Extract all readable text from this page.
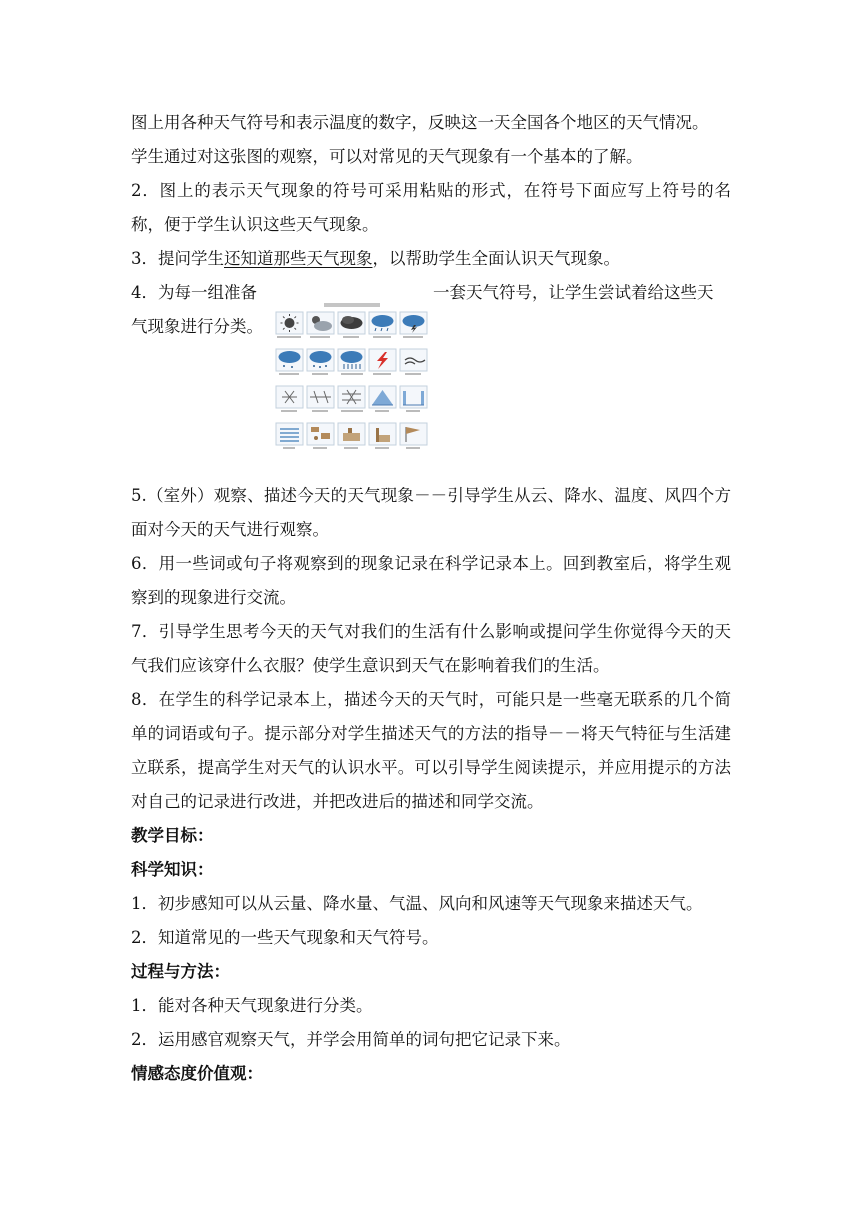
图上用各种天气符号和表示温度的数字，反映这一天全国各个地区的天气情况。
学生通过对这张图的观察，可以对常见的天气现象有一个基本的了解。

2．图上的表示天气现象的符号可采用粘贴的形式，在符号下面应写上符号的名称，便于学生认识这些天气现象。

3．提问学生还知道那些天气现象，以帮助学生全面认识天气现象。

4．为每一组准备	一套天气符号，让学生尝试着给这些天
气现象进行分类。

5.（室外）观察、描述今天的天气现象－－引导学生从云、降水、温度、风四个方面对今天的天气进行观察。

6．用一些词或句子将观察到的现象记录在科学记录本上。回到教室后，将学生观察到的现象进行交流。

7．引导学生思考今天的天气对我们的生活有什么影响或提问学生你觉得今天的天气我们应该穿什么衣服？使学生意识到天气在影响着我们的生活。

8．在学生的科学记录本上，描述今天的天气时，可能只是一些毫无联系的几个简单的词语或句子。提示部分对学生描述天气的方法的指导－－将天气特征与生活建立联系，提高学生对天气的认识水平。可以引导学生阅读提示，并应用提示的方法对自己的记录进行改进，并把改进后的描述和同学交流。

教学目标：

科学知识：

1．初步感知可以从云量、降水量、气温、风向和风速等天气现象来描述天气。

2．知道常见的一些天气现象和天气符号。

过程与方法：

1．能对各种天气现象进行分类。

2．运用感官观察天气，并学会用简单的词句把它记录下来。

情感态度价值观：
